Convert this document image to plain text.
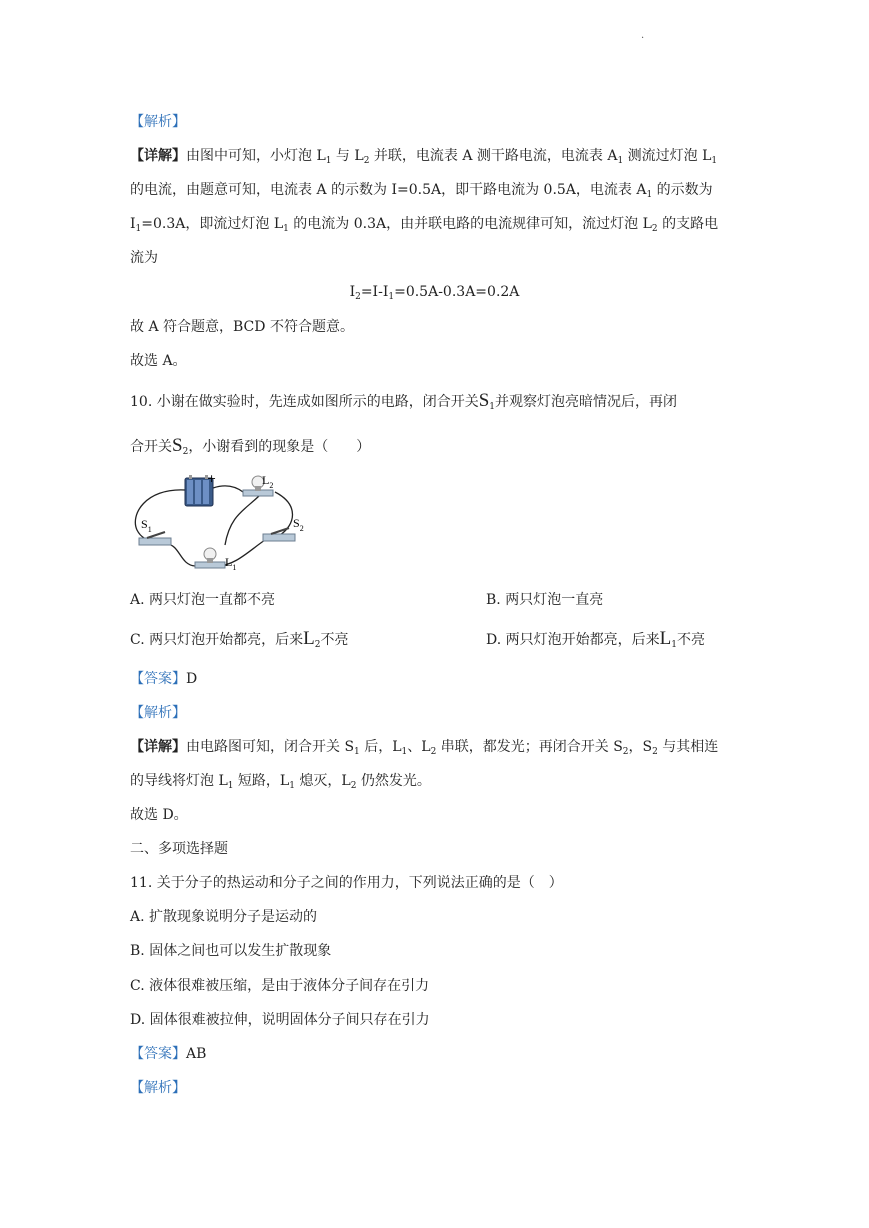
.
【解析】
【详解】由图中可知，小灯泡 $L_1$ 与 $L_2$ 并联，电流表 A 测干路电流，电流表 $A_1$ 测流过灯泡 $L_1$
的电流，由题意可知，电流表 A 的示数为 I=0.5A，即干路电流为 0.5A，电流表 $A_1$ 的示数为
$I_1=0.3A$，即流过灯泡 $L_1$ 的电流为 0.3A，由并联电路的电流规律可知，流过灯泡 $L_2$ 的支路电
流为
$I_2=I-I_1=0.5A-0.3A=0.2A$
故 A 符合题意，BCD 不符合题意。
故选 A。
10. 小谢在做实验时，先连成如图所示的电路，闭合开关$S_1$并观察灯泡亮暗情况后，再闭
合开关$S_2$，小谢看到的现象是（　　）
+	$L_2$
$S_1$	$S_2$
$L_1$
A. 两只灯泡一直都不亮	B. 两只灯泡一直亮
C. 两只灯泡开始都亮，后来$L_2$不亮	D. 两只灯泡开始都亮，后来$L_1$不亮
【答案】D
【解析】
【详解】由电路图可知，闭合开关 $S_1$ 后，$L_1$、$L_2$ 串联，都发光；再闭合开关 $S_2$，$S_2$ 与其相连
的导线将灯泡 $L_1$ 短路，$L_1$ 熄灭，$L_2$ 仍然发光。
故选 D。
二、多项选择题
11. 关于分子的热运动和分子之间的作用力，下列说法正确的是（　）
A. 扩散现象说明分子是运动的
B. 固体之间也可以发生扩散现象
C. 液体很难被压缩，是由于液体分子间存在引力
D. 固体很难被拉伸，说明固体分子间只存在引力
【答案】AB
【解析】
